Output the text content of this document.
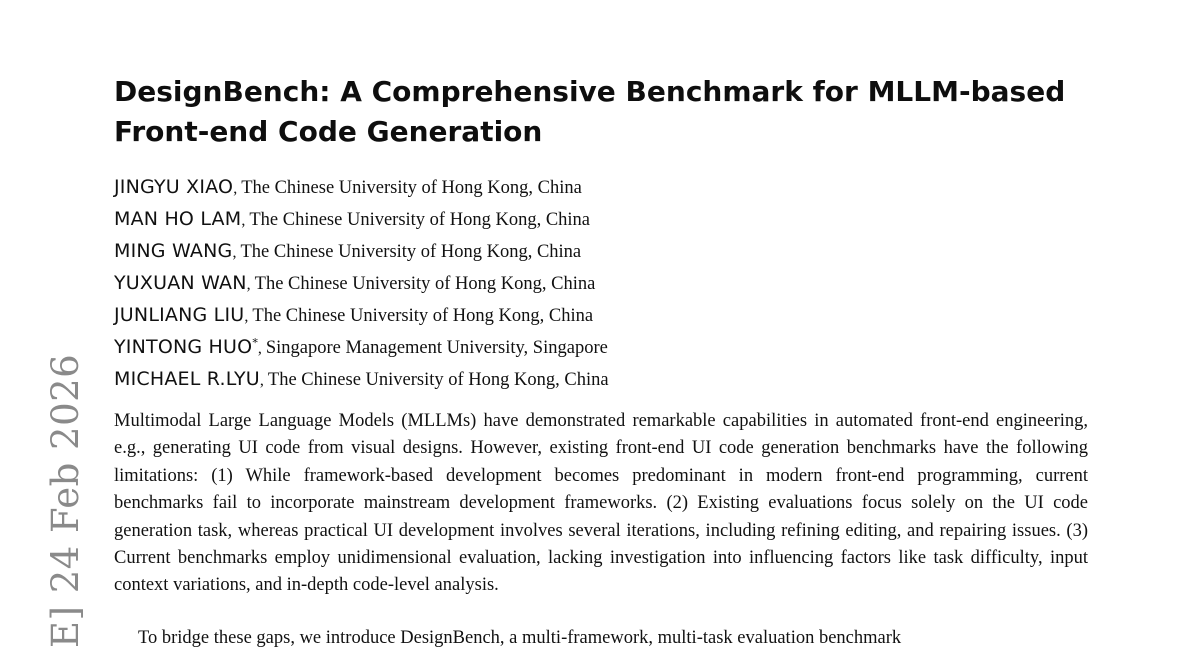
E] 24 Feb 2026
DesignBench: A Comprehensive Benchmark for MLLM-based Front-end Code Generation
JINGYU XIAO, The Chinese University of Hong Kong, China
MAN HO LAM, The Chinese University of Hong Kong, China
MING WANG, The Chinese University of Hong Kong, China
YUXUAN WAN, The Chinese University of Hong Kong, China
JUNLIANG LIU, The Chinese University of Hong Kong, China
YINTONG HUO*, Singapore Management University, Singapore
MICHAEL R.LYU, The Chinese University of Hong Kong, China

Multimodal Large Language Models (MLLMs) have demonstrated remarkable capabilities in automated front-end engineering, e.g., generating UI code from visual designs. However, existing front-end UI code generation benchmarks have the following limitations: (1) While framework-based development becomes predominant in modern front-end programming, current benchmarks fail to incorporate mainstream development frameworks. (2) Existing evaluations focus solely on the UI code generation task, whereas practical UI development involves several iterations, including refining editing, and repairing issues. (3) Current benchmarks employ unidimensional evaluation, lacking investigation into influencing factors like task difficulty, input context variations, and in-depth code-level analysis.

To bridge these gaps, we introduce DesignBench, a multi-framework, multi-task evaluation benchmark
